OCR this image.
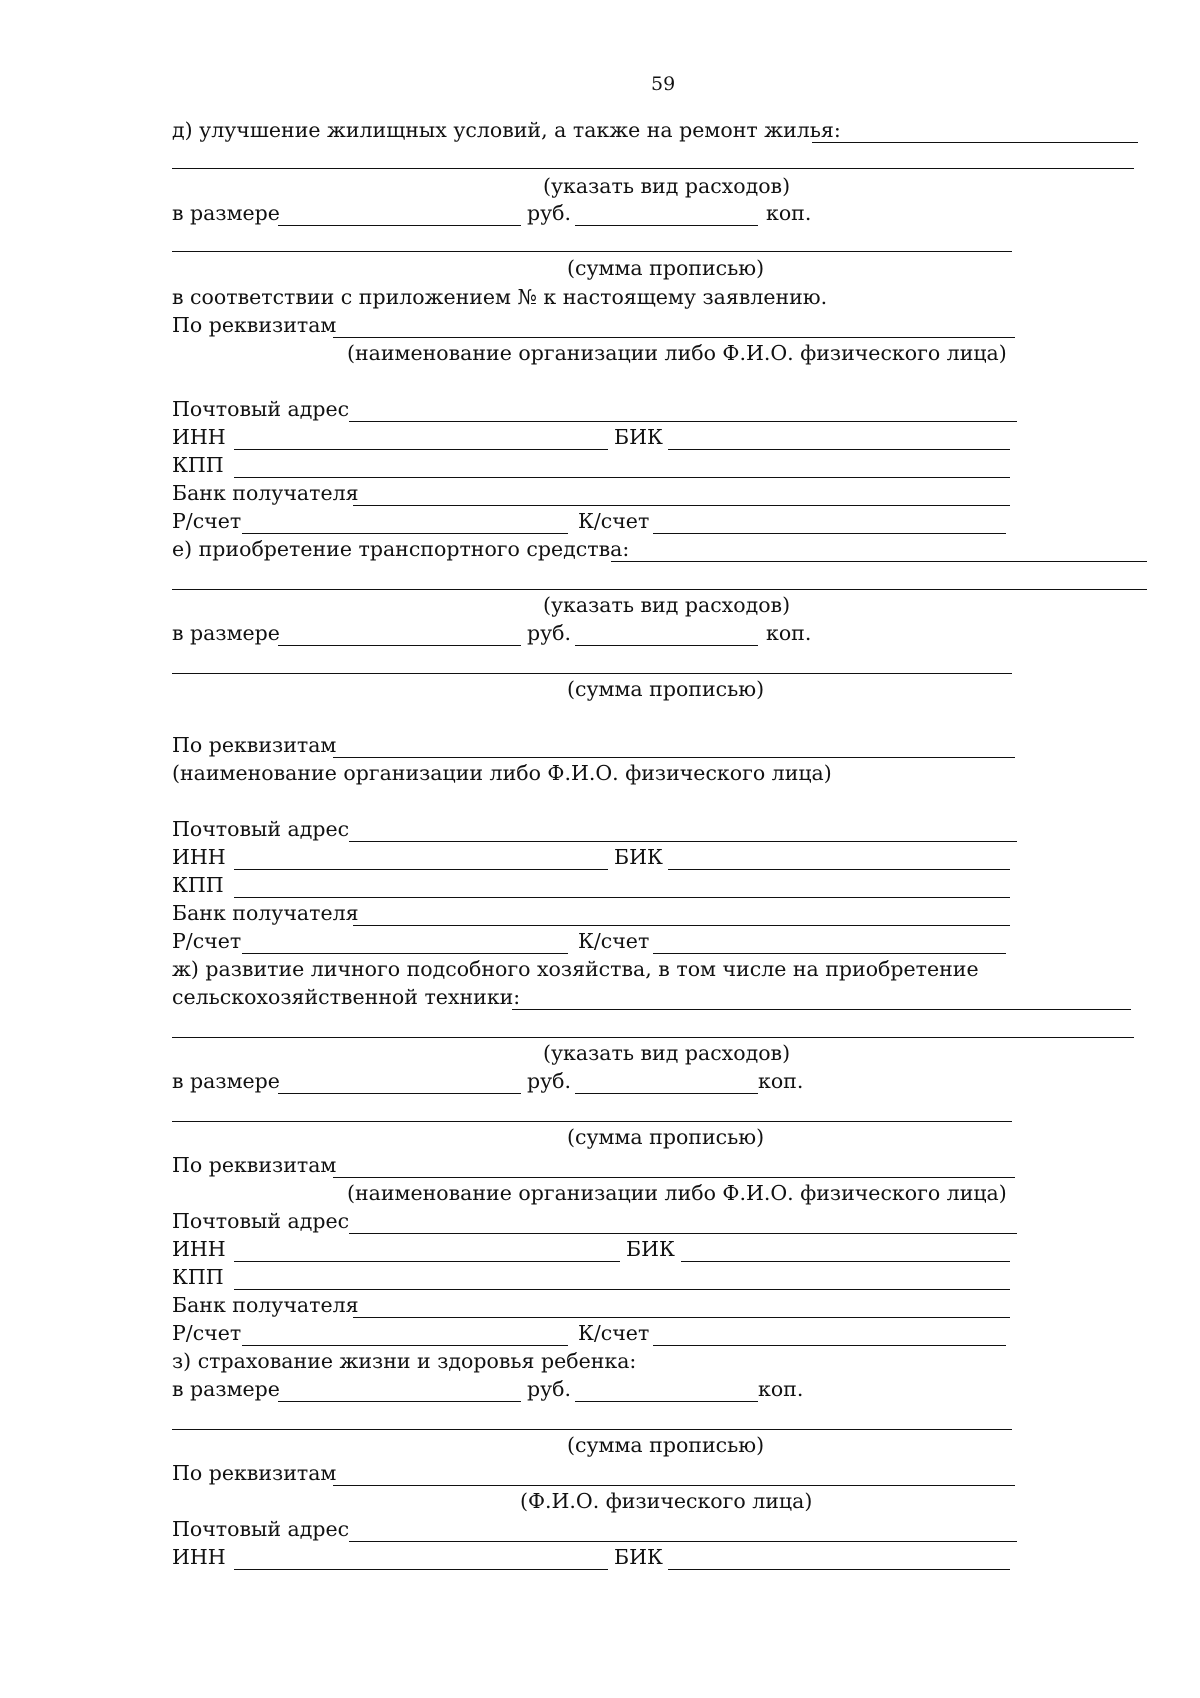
59
д) улучшение жилищных условий, а также на ремонт жилья:
(указать вид расходов)
в размере	руб.	коп.
(сумма прописью)
в соответствии с приложением № к настоящему заявлению.
По реквизитам
(наименование организации либо Ф.И.О. физического лица)
Почтовый адрес
ИНН	БИК
КПП
Банк получателя
Р/счет	К/счет
е) приобретение транспортного средства:
(указать вид расходов)
в размере	руб.	коп.
(сумма прописью)
По реквизитам
(наименование организации либо Ф.И.О. физического лица)
Почтовый адрес
ИНН	БИК
КПП
Банк получателя
Р/счет	К/счет
ж) развитие личного подсобного хозяйства, в том числе на приобретение
сельскохозяйственной техники:
(указать вид расходов)
в размере	руб.	коп.
(сумма прописью)
По реквизитам
(наименование организации либо Ф.И.О. физического лица)
Почтовый адрес
ИНН	БИК
КПП
Банк получателя
Р/счет	К/счет
з) страхование жизни и здоровья ребенка:
в размере	руб.	коп.
(сумма прописью)
По реквизитам
(Ф.И.О. физического лица)
Почтовый адрес
ИНН	БИК
